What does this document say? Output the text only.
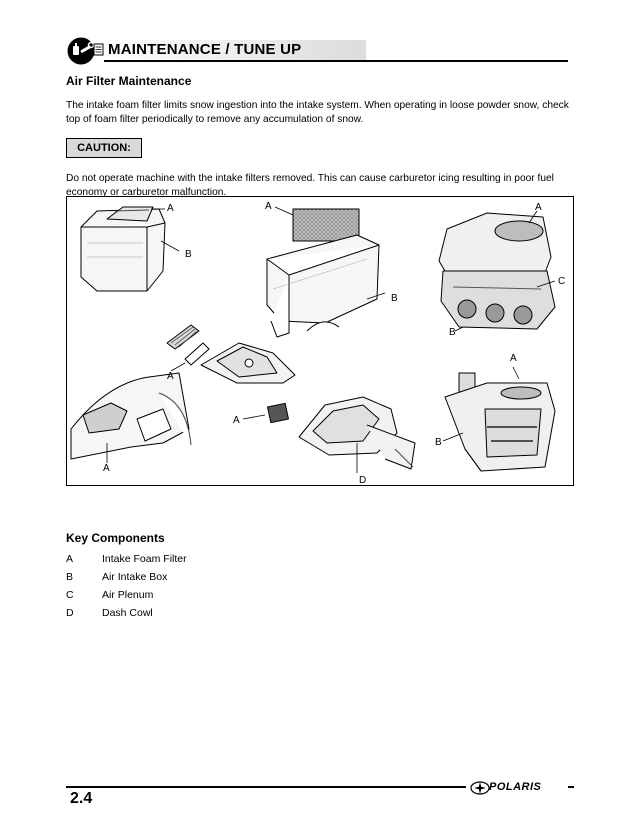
MAINTENANCE / TUNE UP
Air Filter Maintenance
The intake foam filter limits snow ingestion into the intake system. When operating in loose powder snow, check
top of foam filter periodically to remove any accumulation of snow.
CAUTION:
Do not operate machine with the intake filters removed. This can cause carburetor icing resulting in poor fuel
economy or carburetor malfunction.
A
B
A
B
A
C
B
A
A
A
B
A
D
Key Components
A	Intake Foam Filter
B	Air Intake Box
C	Air Plenum
D	Dash Cowl
2.4
POLARIS
